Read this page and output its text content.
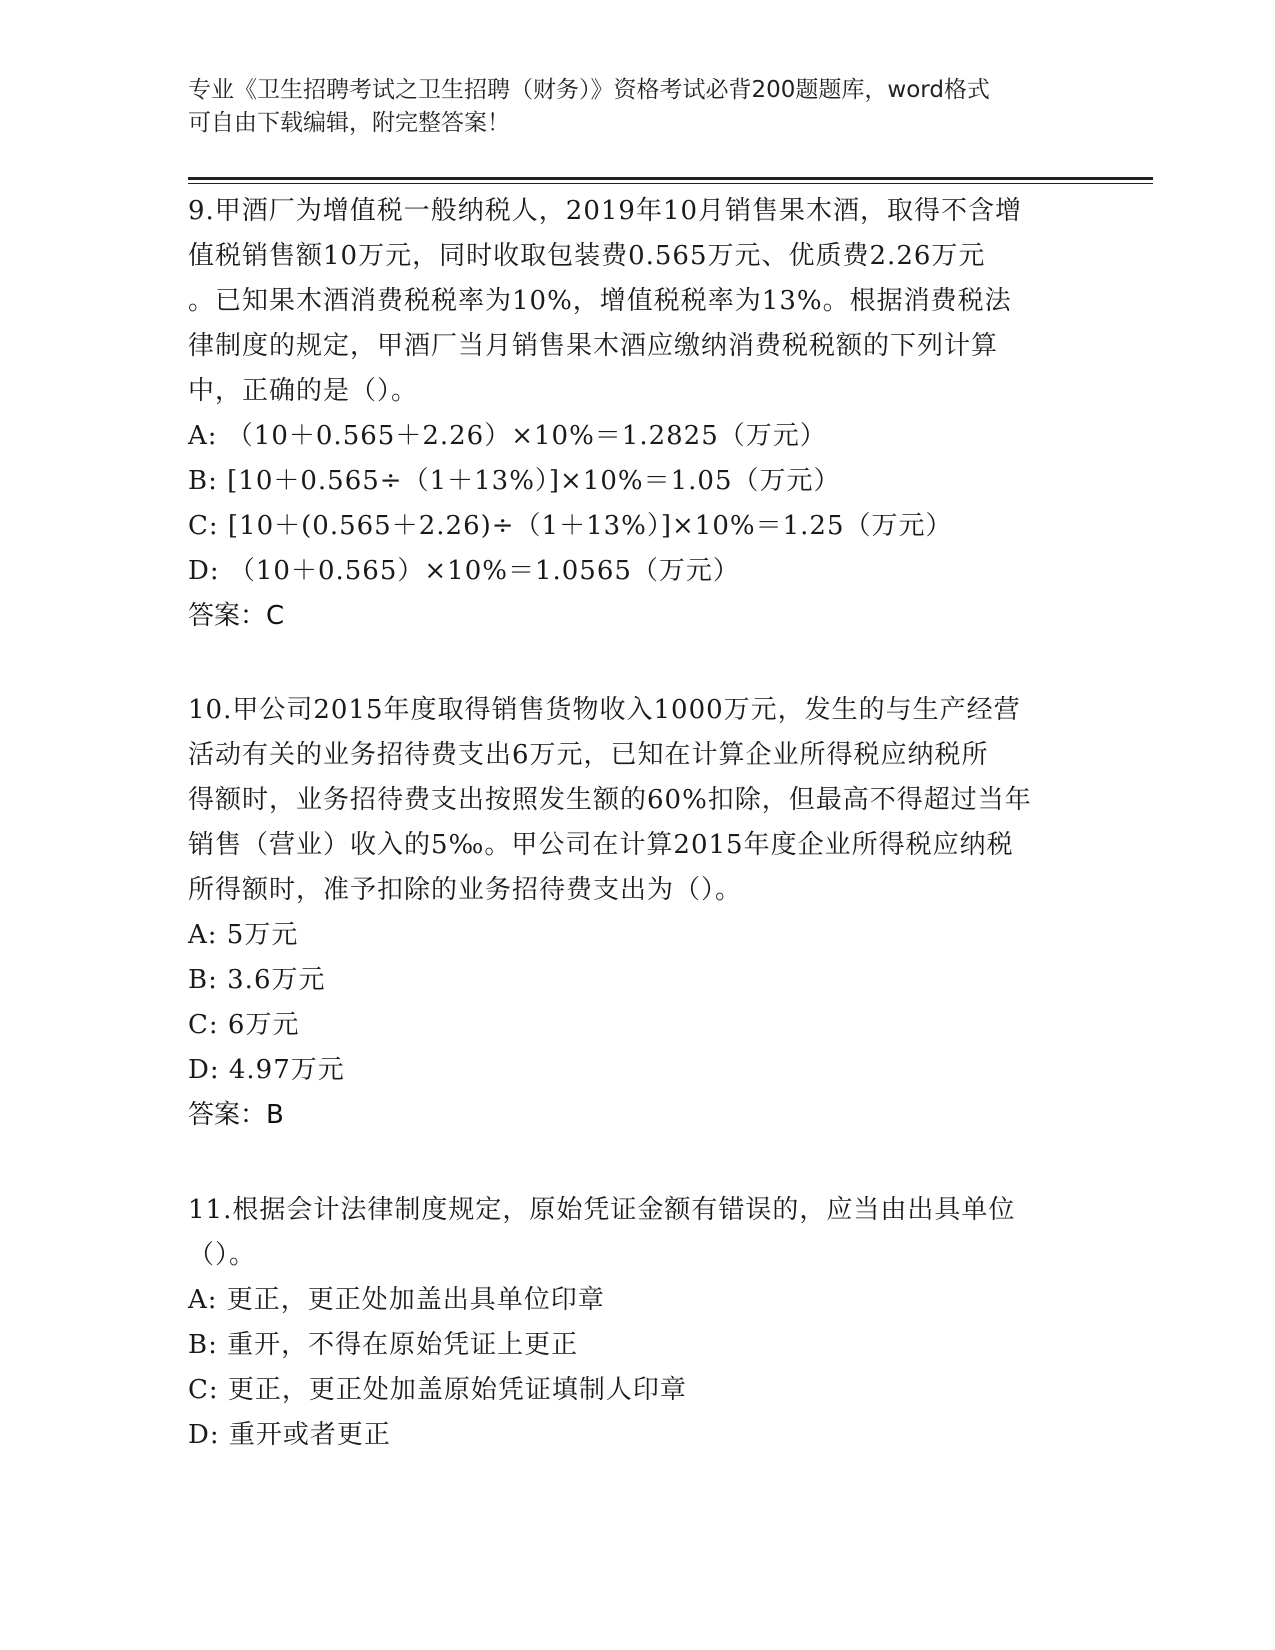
专业《卫生招聘考试之卫生招聘（财务）》资格考试必背200题题库，word格式
可自由下载编辑，附完整答案！

9.甲酒厂为增值税一般纳税人，2019年10月销售果木酒，取得不含增

值税销售额10万元，同时收取包装费0.565万元、优质费2.26万元

。已知果木酒消费税税率为10%，增值税税率为13%。根据消费税法

律制度的规定，甲酒厂当月销售果木酒应缴纳消费税税额的下列计算

中，正确的是（）。

A: （10＋0.565＋2.26）×10%＝1.2825（万元）

B: [10＋0.565÷（1＋13%）]×10%＝1.05（万元）

C: [10＋(0.565＋2.26)÷（1＋13%）]×10%＝1.25（万元）

D: （10＋0.565）×10%＝1.0565（万元）

答案：C

10.甲公司2015年度取得销售货物收入1000万元，发生的与生产经营

活动有关的业务招待费支出6万元，已知在计算企业所得税应纳税所

得额时，业务招待费支出按照发生额的60%扣除，但最高不得超过当年

销售（营业）收入的5‰。甲公司在计算2015年度企业所得税应纳税

所得额时，准予扣除的业务招待费支出为（）。

A: 5万元

B: 3.6万元

C: 6万元

D: 4.97万元

答案：B

11.根据会计法律制度规定，原始凭证金额有错误的，应当由出具单位

（）。

A: 更正，更正处加盖出具单位印章

B: 重开，不得在原始凭证上更正

C: 更正，更正处加盖原始凭证填制人印章

D: 重开或者更正
